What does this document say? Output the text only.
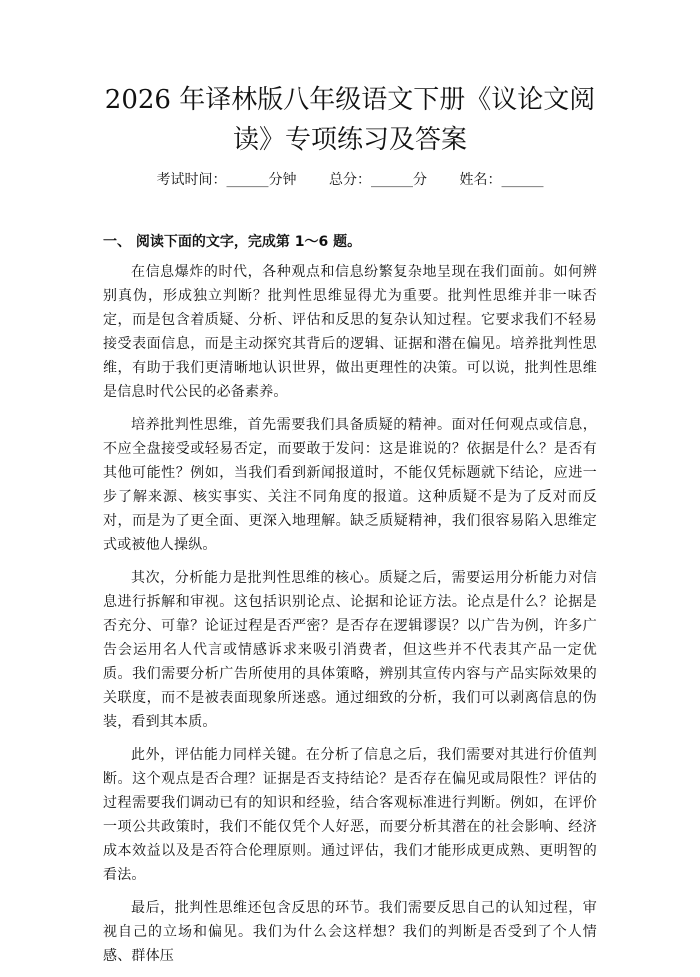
2026 年译林版八年级语文下册《议论文阅读》专项练习及答案
考试时间：______分钟 总分：______分 姓名：______
一、 阅读下面的文字，完成第 1～6 题。

在信息爆炸的时代，各种观点和信息纷繁复杂地呈现在我们面前。如何辨别真伪，形成独立判断？批判性思维显得尤为重要。批判性思维并非一味否定，而是包含着质疑、分析、评估和反思的复杂认知过程。它要求我们不轻易接受表面信息，而是主动探究其背后的逻辑、证据和潜在偏见。培养批判性思维，有助于我们更清晰地认识世界，做出更理性的决策。可以说，批判性思维是信息时代公民的必备素养。

培养批判性思维，首先需要我们具备质疑的精神。面对任何观点或信息，不应全盘接受或轻易否定，而要敢于发问：这是谁说的？依据是什么？是否有其他可能性？例如，当我们看到新闻报道时，不能仅凭标题就下结论，应进一步了解来源、核实事实、关注不同角度的报道。这种质疑不是为了反对而反对，而是为了更全面、更深入地理解。缺乏质疑精神，我们很容易陷入思维定式或被他人操纵。

其次，分析能力是批判性思维的核心。质疑之后，需要运用分析能力对信息进行拆解和审视。这包括识别论点、论据和论证方法。论点是什么？论据是否充分、可靠？论证过程是否严密？是否存在逻辑谬误？以广告为例，许多广告会运用名人代言或情感诉求来吸引消费者，但这些并不代表其产品一定优质。我们需要分析广告所使用的具体策略，辨别其宣传内容与产品实际效果的关联度，而不是被表面现象所迷惑。通过细致的分析，我们可以剥离信息的伪装，看到其本质。

此外，评估能力同样关键。在分析了信息之后，我们需要对其进行价值判断。这个观点是否合理？证据是否支持结论？是否存在偏见或局限性？评估的过程需要我们调动已有的知识和经验，结合客观标准进行判断。例如，在评价一项公共政策时，我们不能仅凭个人好恶，而要分析其潜在的社会影响、经济成本效益以及是否符合伦理原则。通过评估，我们才能形成更成熟、更明智的看法。

最后，批判性思维还包含反思的环节。我们需要反思自己的认知过程，审视自己的立场和偏见。我们为什么会这样想？我们的判断是否受到了个人情感、群体压
